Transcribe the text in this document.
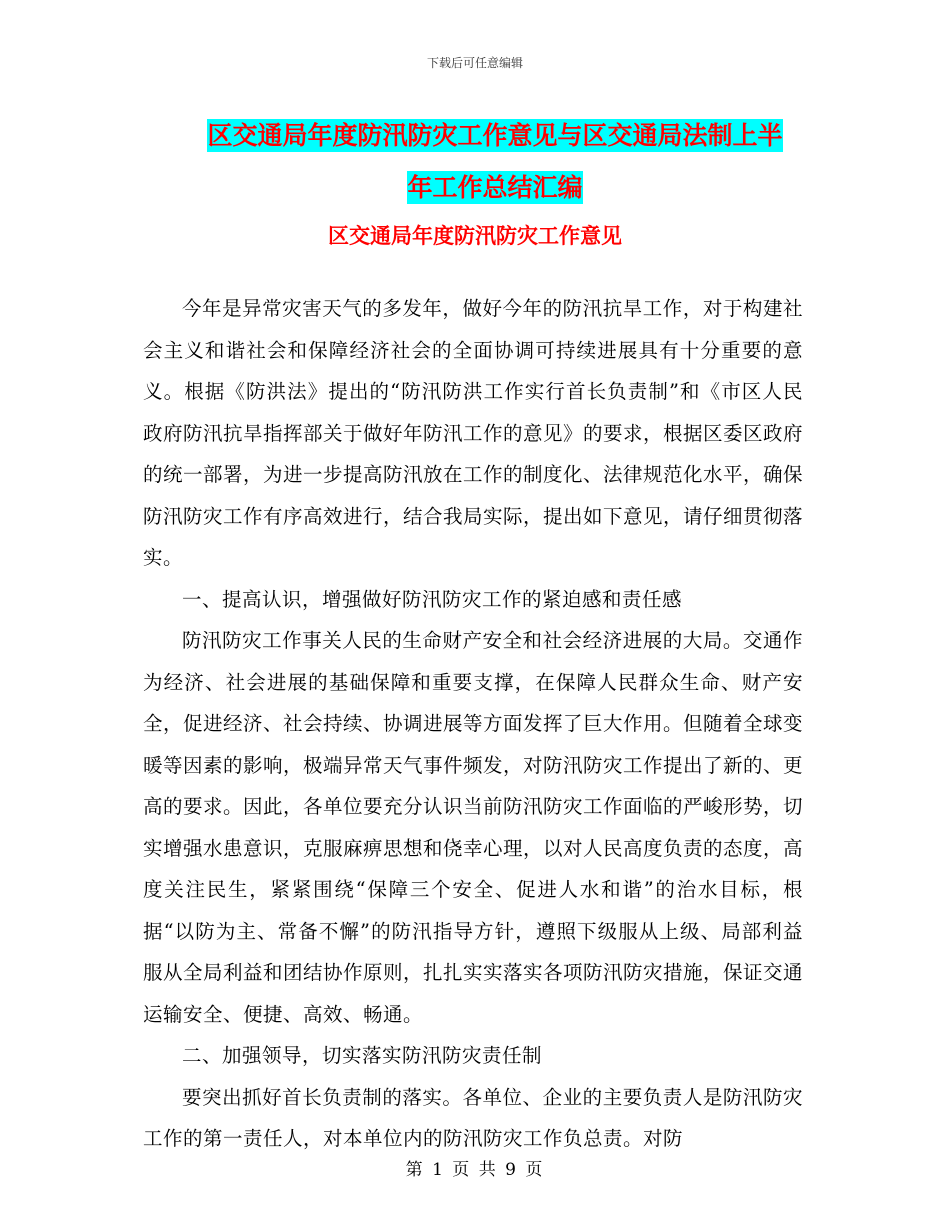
下载后可任意编辑
区交通局年度防汛防灾工作意见与区交通局法制上半
年工作总结汇编
区交通局年度防汛防灾工作意见

今年是异常灾害天气的多发年，做好今年的防汛抗旱工作，对于构建社会主义和谐社会和保障经济社会的全面协调可持续进展具有十分重要的意义。根据《防洪法》提出的“防汛防洪工作实行首长负责制”和《市区人民政府防汛抗旱指挥部关于做好年防汛工作的意见》的要求，根据区委区政府的统一部署，为进一步提高防汛放在工作的制度化、法律规范化水平，确保防汛防灾工作有序高效进行，结合我局实际，提出如下意见，请仔细贯彻落实。

一、提高认识，增强做好防汛防灾工作的紧迫感和责任感

防汛防灾工作事关人民的生命财产安全和社会经济进展的大局。交通作为经济、社会进展的基础保障和重要支撑，在保障人民群众生命、财产安全，促进经济、社会持续、协调进展等方面发挥了巨大作用。但随着全球变暖等因素的影响，极端异常天气事件频发，对防汛防灾工作提出了新的、更高的要求。因此，各单位要充分认识当前防汛防灾工作面临的严峻形势，切实增强水患意识，克服麻痹思想和侥幸心理，以对人民高度负责的态度，高度关注民生，紧紧围绕“保障三个安全、促进人水和谐”的治水目标，根据“以防为主、常备不懈”的防汛指导方针，遵照下级服从上级、局部利益服从全局利益和团结协作原则，扎扎实实落实各项防汛防灾措施，保证交通运输安全、便捷、高效、畅通。

二、加强领导，切实落实防汛防灾责任制

要突出抓好首长负责制的落实。各单位、企业的主要负责人是防汛防灾工作的第一责任人，对本单位内的防汛防灾工作负总责。对防

第 1 页 共 9 页
